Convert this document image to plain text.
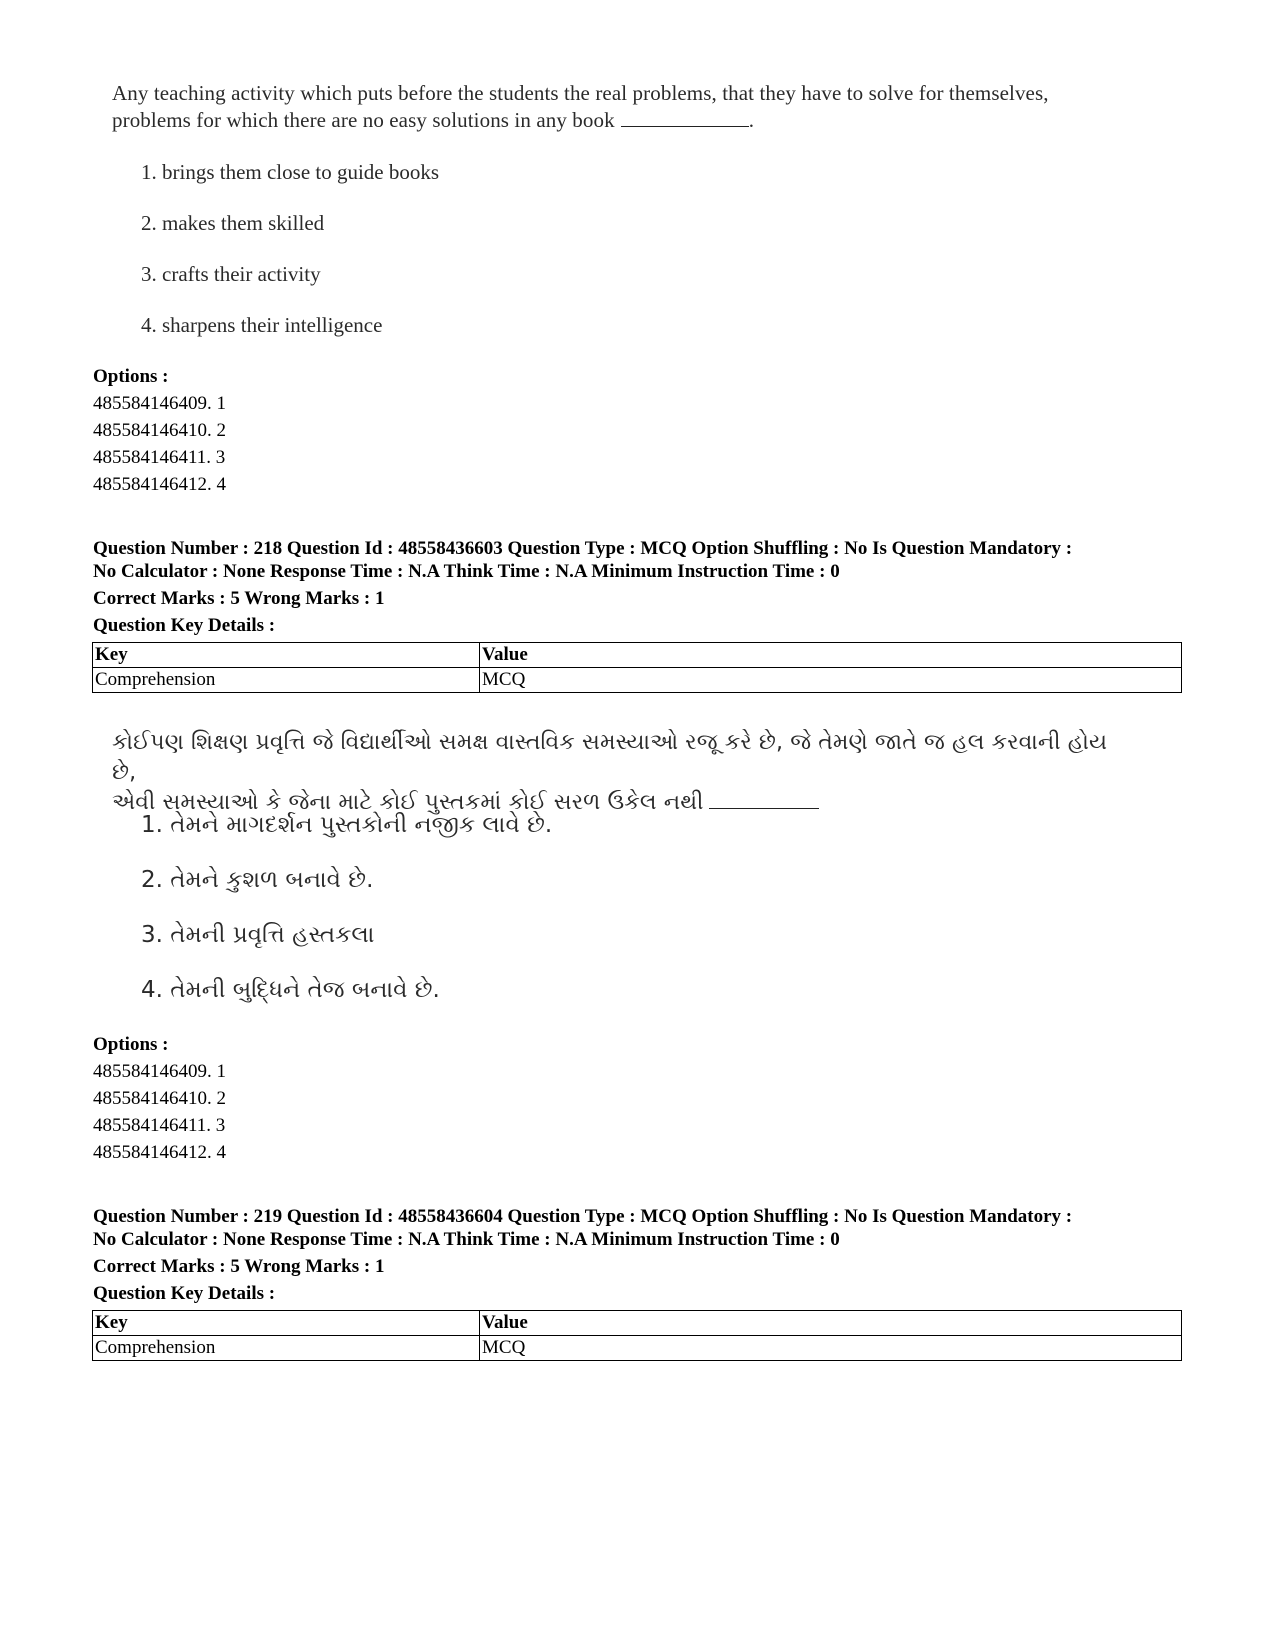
Any teaching activity which puts before the students the real problems, that they have to solve for themselves,
problems for which there are no easy solutions in any book	.
1. brings them close to guide books
2. makes them skilled
3. crafts their activity
4. sharpens their intelligence
Options :
485584146409. 1
485584146410. 2
485584146411. 3
485584146412. 4
Question Number : 218 Question Id : 48558436603 Question Type : MCQ Option Shuffling : No Is Question Mandatory :
No Calculator : None Response Time : N.A Think Time : N.A Minimum Instruction Time : 0
Correct Marks : 5 Wrong Marks : 1
Question Key Details :
Key	Value
Comprehension	MCQ
કોઈપણ શિક્ષણ પ્રવૃત્તિ જે વિદ્યાર્થીઓ સમક્ષ વાસ્તવિક સમસ્યાઓ રજૂ કરે છે, જે તેમણે જાતે જ હલ કરવાની હોય છે,
એવી સમસ્યાઓ કે જેના માટે કોઈ પુસ્તકમાં કોઈ સરળ ઉકેલ નથી
1. તેમને માગદર્શન પુસ્તકોની નજીક લાવે છે.
2. તેમને કુશળ બનાવે છે.
3. તેમની પ્રવૃત્તિ હસ્તકલા
4. તેમની બુદ્ધિને તેજ બનાવે છે.
Options :
485584146409. 1
485584146410. 2
485584146411. 3
485584146412. 4
Question Number : 219 Question Id : 48558436604 Question Type : MCQ Option Shuffling : No Is Question Mandatory :
No Calculator : None Response Time : N.A Think Time : N.A Minimum Instruction Time : 0
Correct Marks : 5 Wrong Marks : 1
Question Key Details :
Key	Value
Comprehension	MCQ
